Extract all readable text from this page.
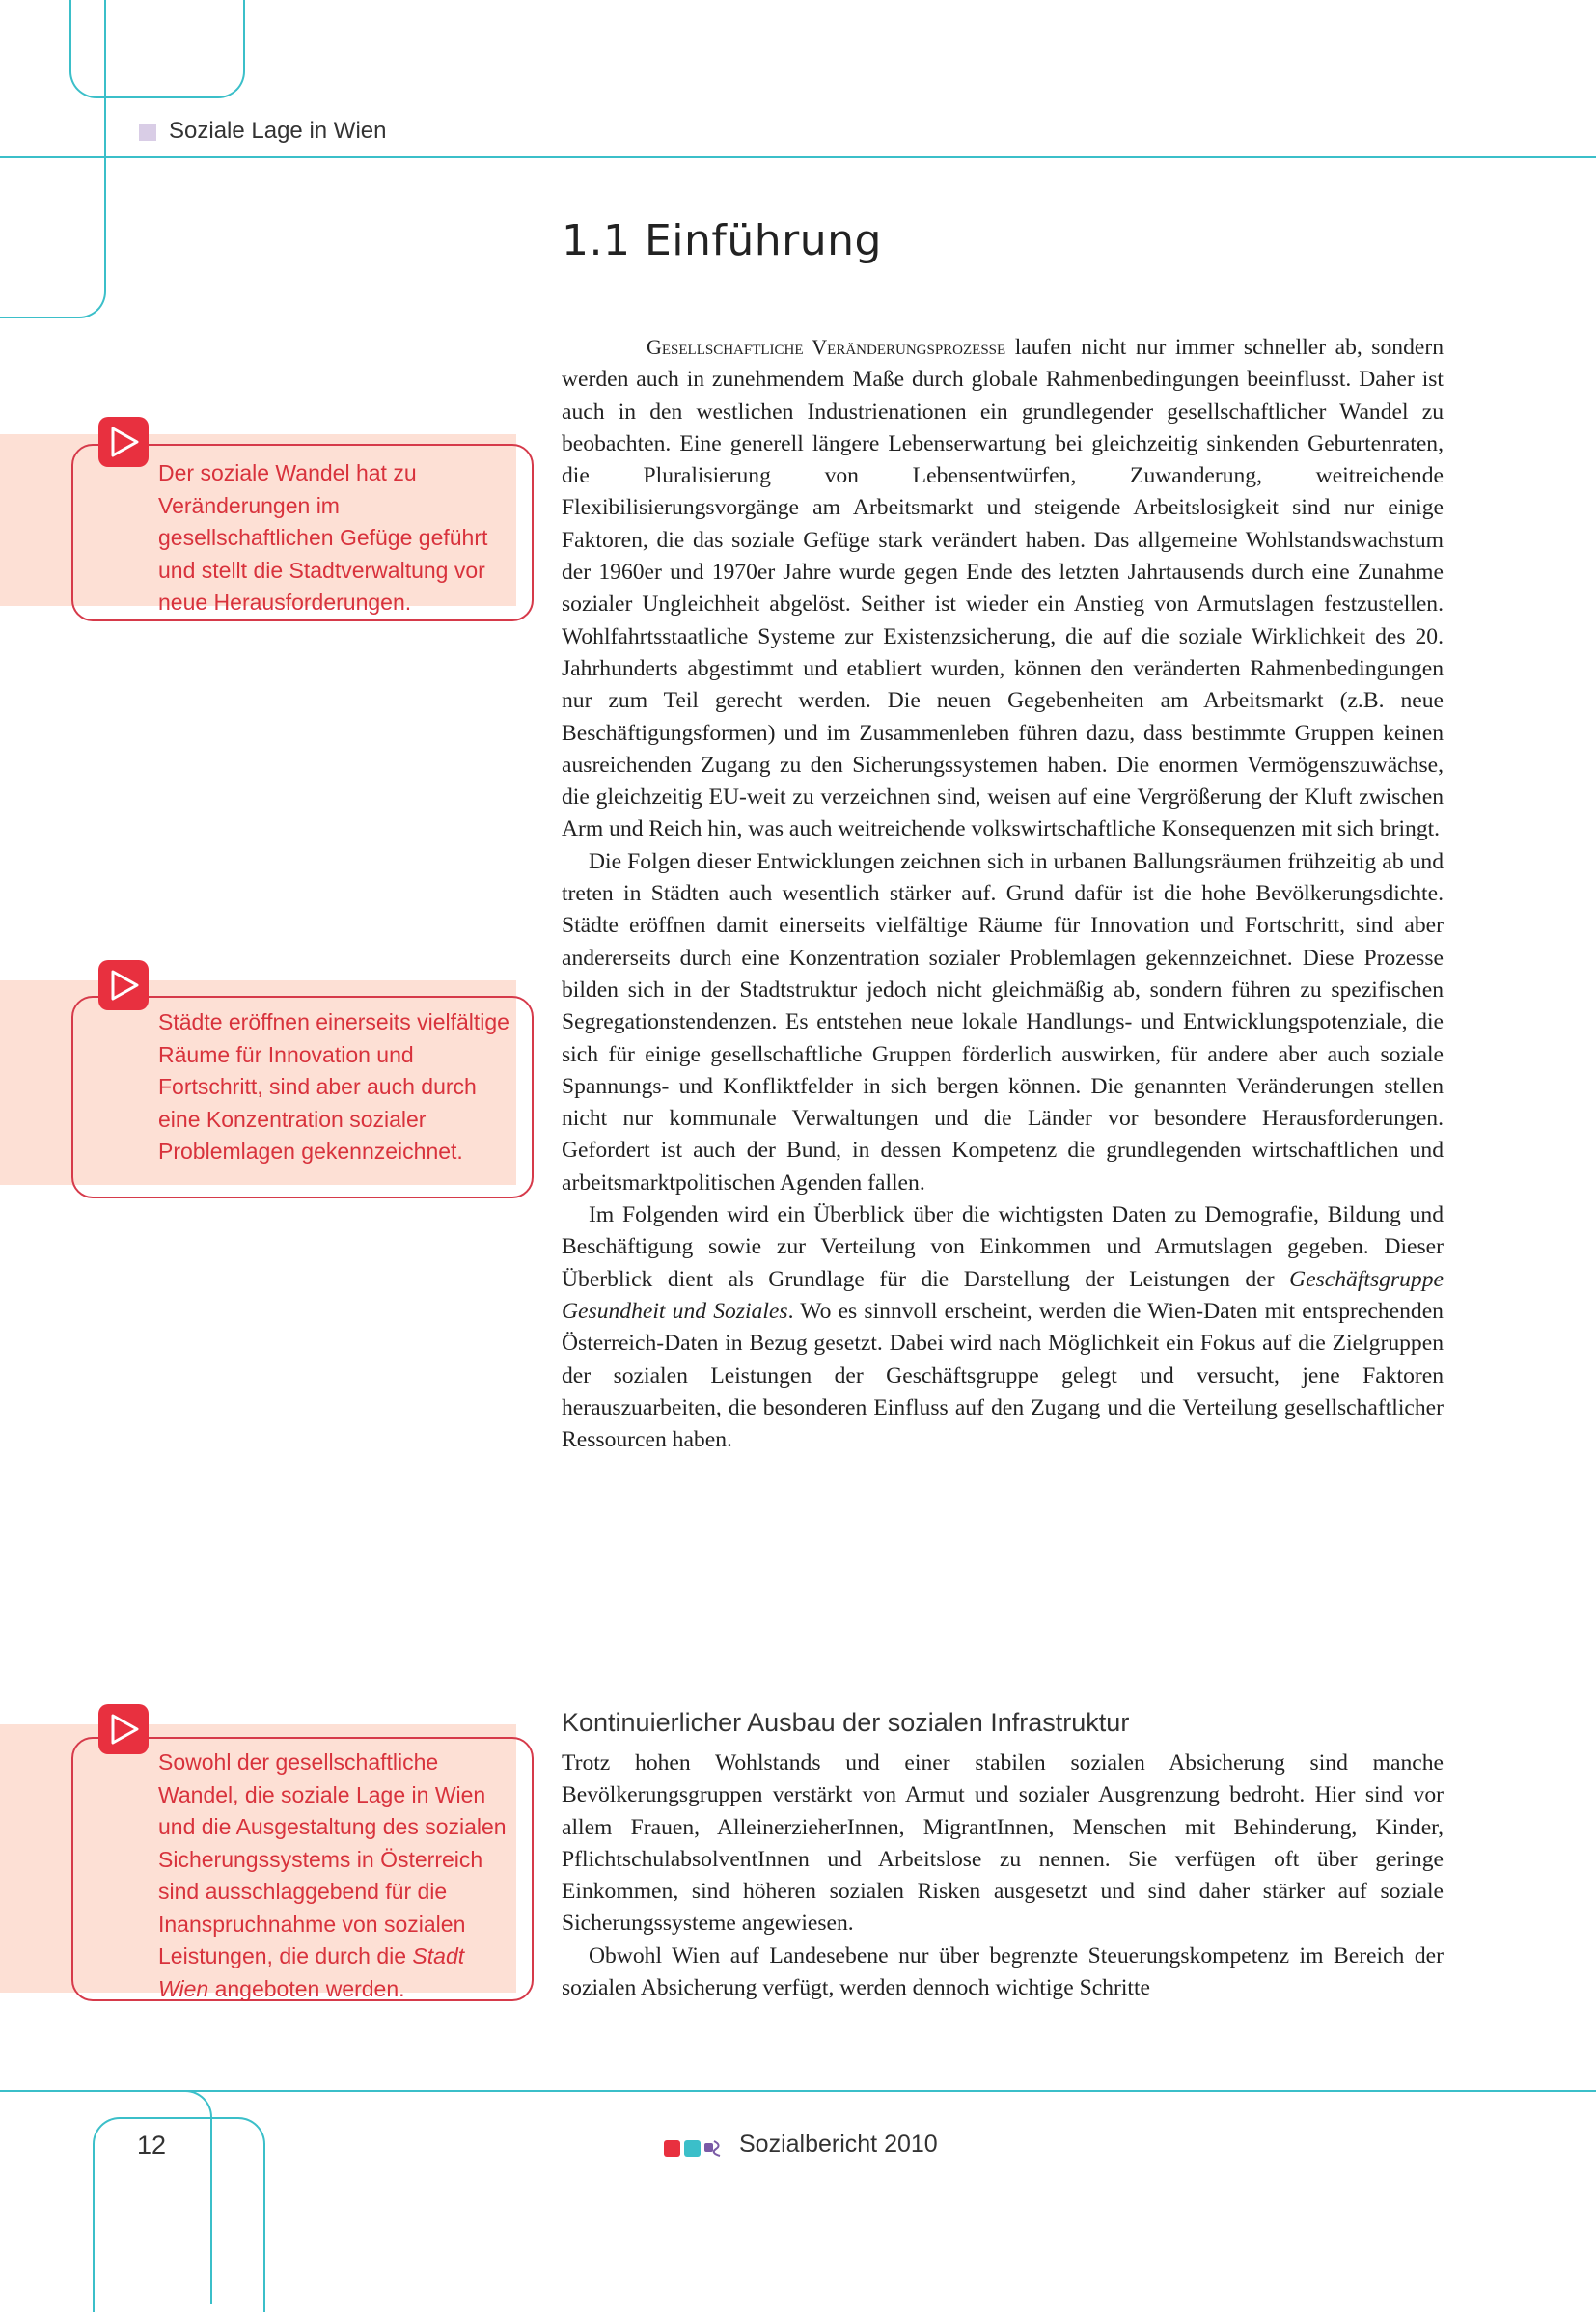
Soziale Lage in Wien
1.1 Einführung

Gesellschaftliche Veränderungsprozesse laufen nicht nur immer schneller ab, sondern werden auch in zunehmendem Maße durch globale Rahmenbedingungen beeinflusst. Daher ist auch in den westlichen Industrienationen ein grundlegender gesellschaftlicher Wandel zu beobachten. Eine generell längere Lebenserwartung bei gleichzeitig sinkenden Geburtenraten, die Pluralisierung von Lebensentwürfen, Zuwanderung, weitreichende Flexibilisierungsvorgänge am Arbeitsmarkt und steigende Arbeitslosigkeit sind nur einige Faktoren, die das soziale Gefüge stark verändert haben. Das allgemeine Wohlstandswachstum der 1960er und 1970er Jahre wurde gegen Ende des letzten Jahrtausends durch eine Zunahme sozialer Ungleichheit abgelöst. Seither ist wieder ein Anstieg von Armutslagen festzustellen. Wohlfahrtsstaatliche Systeme zur Existenzsicherung, die auf die soziale Wirklichkeit des 20. Jahrhunderts abgestimmt und etabliert wurden, können den veränderten Rahmenbedingungen nur zum Teil gerecht werden. Die neuen Gegebenheiten am Arbeitsmarkt (z.B. neue Beschäftigungsformen) und im Zusammenleben führen dazu, dass bestimmte Gruppen keinen ausreichenden Zugang zu den Sicherungssystemen haben. Die enormen Vermögenszuwächse, die gleichzeitig EU-weit zu verzeichnen sind, weisen auf eine Vergrößerung der Kluft zwischen Arm und Reich hin, was auch weitreichende volkswirtschaftliche Konsequenzen mit sich bringt.

Die Folgen dieser Entwicklungen zeichnen sich in urbanen Ballungsräumen frühzeitig ab und treten in Städten auch wesentlich stärker auf. Grund dafür ist die hohe Bevölkerungsdichte. Städte eröffnen damit einerseits vielfältige Räume für Innovation und Fortschritt, sind aber andererseits durch eine Konzentration sozialer Problemlagen gekennzeichnet. Diese Prozesse bilden sich in der Stadtstruktur jedoch nicht gleichmäßig ab, sondern führen zu spezifischen Segregationstendenzen. Es entstehen neue lokale Handlungs- und Entwicklungspotenziale, die sich für einige gesellschaftliche Gruppen förderlich auswirken, für andere aber auch soziale Spannungs- und Konfliktfelder in sich bergen können. Die genannten Veränderungen stellen nicht nur kommunale Verwaltungen und die Länder vor besondere Herausforderungen. Gefordert ist auch der Bund, in dessen Kompetenz die grundlegenden wirtschaftlichen und arbeitsmarktpolitischen Agenden fallen.

Im Folgenden wird ein Überblick über die wichtigsten Daten zu Demografie, Bildung und Beschäftigung sowie zur Verteilung von Einkommen und Armutslagen gegeben. Dieser Überblick dient als Grundlage für die Darstellung der Leistungen der Geschäftsgruppe Gesundheit und Soziales. Wo es sinnvoll erscheint, werden die Wien-Daten mit entsprechenden Österreich-Daten in Bezug gesetzt. Dabei wird nach Möglichkeit ein Fokus auf die Zielgruppen der sozialen Leistungen der Geschäftsgruppe gelegt und versucht, jene Faktoren herauszuarbeiten, die besonderen Einfluss auf den Zugang und die Verteilung gesellschaftlicher Ressourcen haben.

Kontinuierlicher Ausbau der sozialen Infrastruktur

Trotz hohen Wohlstands und einer stabilen sozialen Absicherung sind manche Bevölkerungsgruppen verstärkt von Armut und sozialer Ausgrenzung bedroht. Hier sind vor allem Frauen, AlleinerzieherInnen, MigrantInnen, Menschen mit Behinderung, Kinder, PflichtschulabsolventInnen und Arbeitslose zu nennen. Sie verfügen oft über geringe Einkommen, sind höheren sozialen Risken ausgesetzt und sind daher stärker auf soziale Sicherungssysteme angewiesen.

Obwohl Wien auf Landesebene nur über begrenzte Steuerungskompetenz im Bereich der sozialen Absicherung verfügt, werden dennoch wichtige Schritte

Der soziale Wandel hat zu Veränderungen im gesellschaftlichen Gefüge geführt und stellt die Stadtverwaltung vor neue Herausforderungen.
Städte eröffnen einerseits vielfältige Räume für Innovation und Fortschritt, sind aber auch durch eine Konzentration sozialer Problemlagen gekennzeichnet.
Sowohl der gesellschaftliche Wandel, die soziale Lage in Wien und die Ausgestaltung des sozialen Sicherungssystems in Österreich sind ausschlaggebend für die Inanspruchnahme von sozialen Leistungen, die durch die Stadt Wien angeboten werden.
12	Sozialbericht 2010
